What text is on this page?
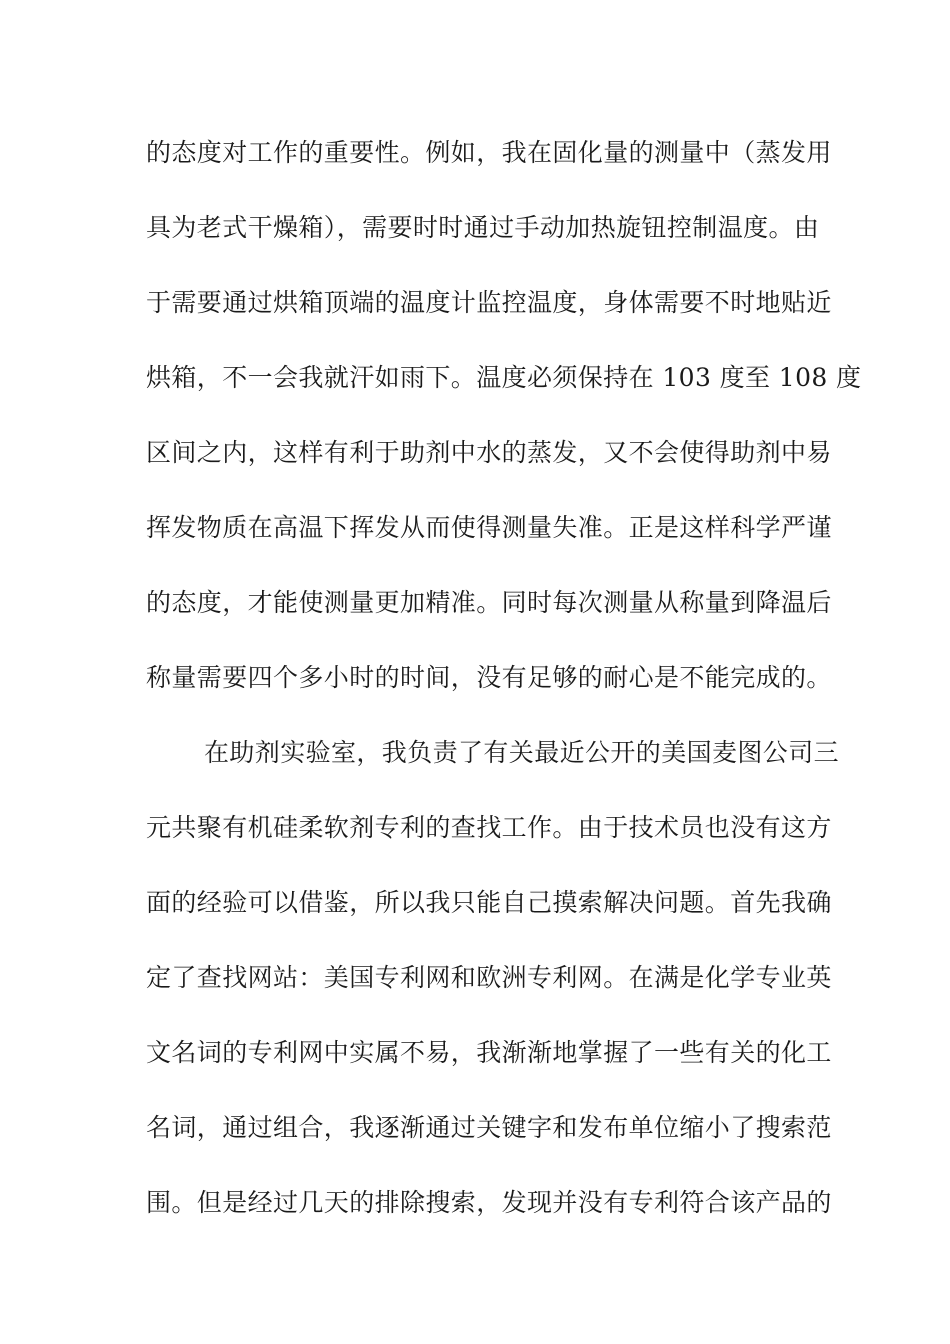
的态度对工作的重要性。例如，我在固化量的测量中（蒸发用
具为老式干燥箱），需要时时通过手动加热旋钮控制温度。由
于需要通过烘箱顶端的温度计监控温度，身体需要不时地贴近
烘箱，不一会我就汗如雨下。温度必须保持在 103 度至 108 度
区间之内，这样有利于助剂中水的蒸发，又不会使得助剂中易
挥发物质在高温下挥发从而使得测量失准。正是这样科学严谨
的态度，才能使测量更加精准。同时每次测量从称量到降温后
称量需要四个多小时的时间，没有足够的耐心是不能完成的。
在助剂实验室，我负责了有关最近公开的美国麦图公司三
元共聚有机硅柔软剂专利的查找工作。由于技术员也没有这方
面的经验可以借鉴，所以我只能自己摸索解决问题。首先我确
定了查找网站：美国专利网和欧洲专利网。在满是化学专业英
文名词的专利网中实属不易，我渐渐地掌握了一些有关的化工
名词，通过组合，我逐渐通过关键字和发布单位缩小了搜索范
围。但是经过几天的排除搜索，发现并没有专利符合该产品的
